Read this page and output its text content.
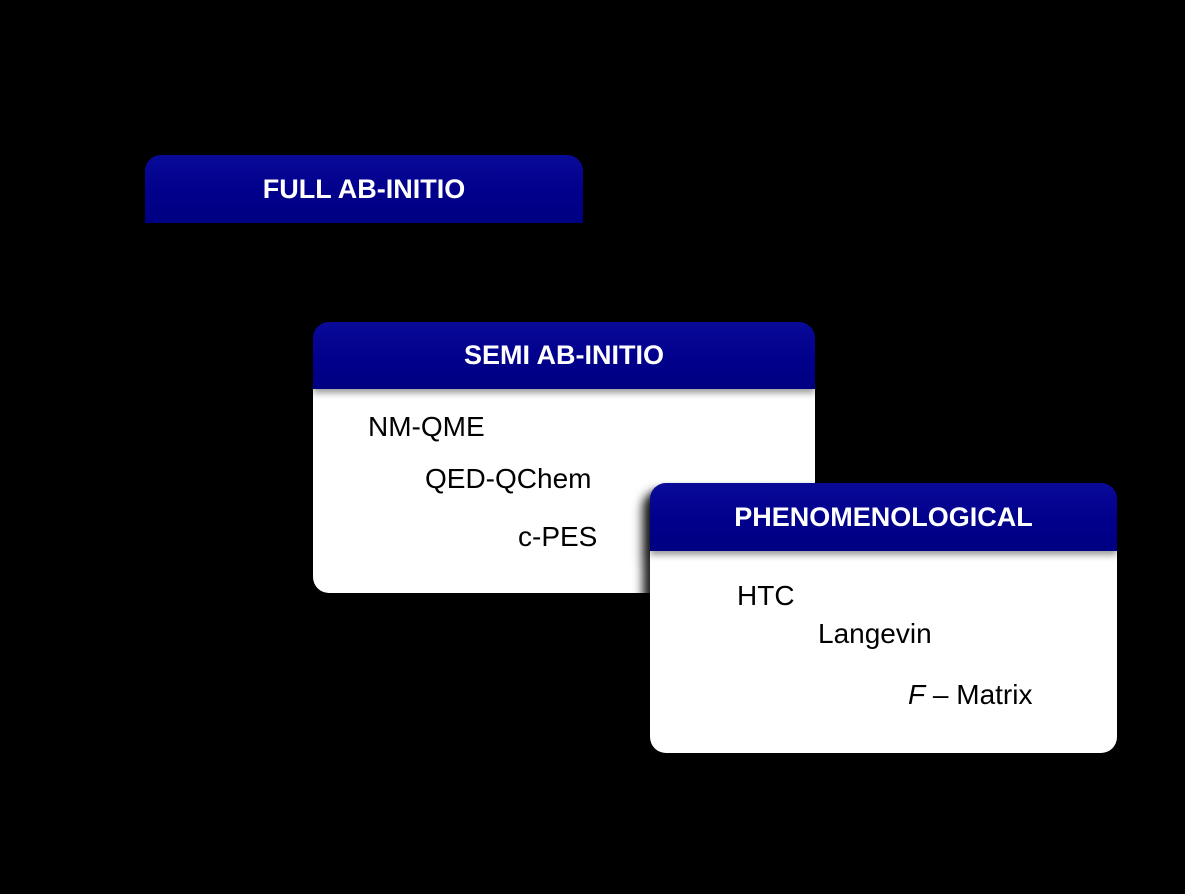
FULL AB-INITIO
SEMI AB-INITIO
NM-QME
QED-QChem
c-PES
PHENOMENOLOGICAL
HTC
Langevin
F – Matrix
